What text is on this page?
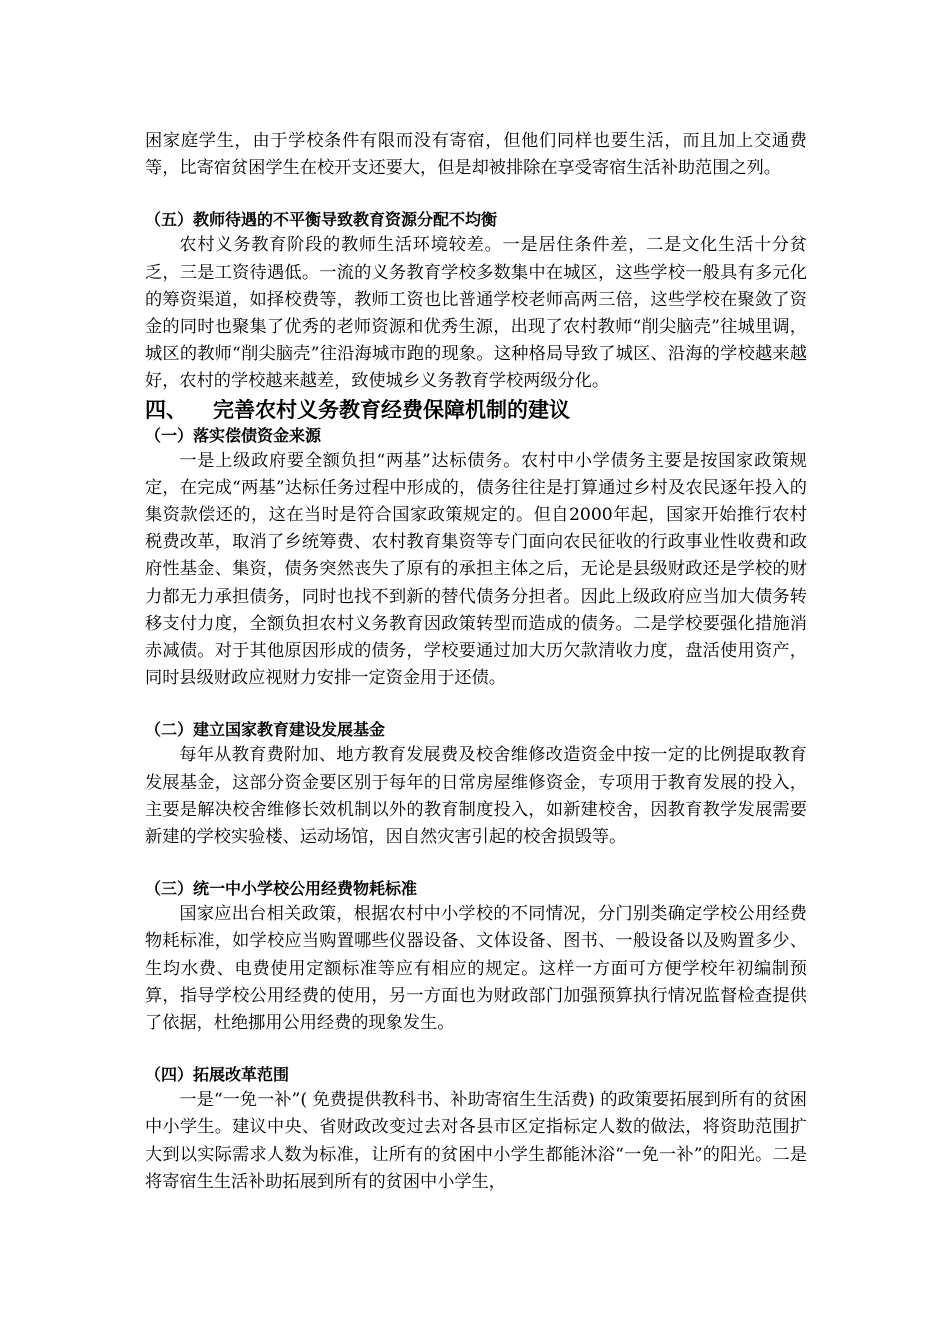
困家庭学生，由于学校条件有限而没有寄宿，但他们同样也要生活，而且加上交通费等，比寄宿贫困学生在校开支还要大，但是却被排除在享受寄宿生活补助范围之列。

（五）教师待遇的不平衡导致教育资源分配不均衡

农村义务教育阶段的教师生活环境较差。一是居住条件差，二是文化生活十分贫乏，三是工资待遇低。一流的义务教育学校多数集中在城区，这些学校一般具有多元化的筹资渠道，如择校费等，教师工资也比普通学校老师高两三倍，这些学校在聚敛了资金的同时也聚集了优秀的老师资源和优秀生源，出现了农村教师“削尖脑壳”往城里调，城区的教师“削尖脑壳”往沿海城市跑的现象。这种格局导致了城区、沿海的学校越来越好，农村的学校越来越差，致使城乡义务教育学校两级分化。

四、 完善农村义务教育经费保障机制的建议

（一）落实偿债资金来源

一是上级政府要全额负担“两基”达标债务。农村中小学债务主要是按国家政策规定，在完成“两基”达标任务过程中形成的，债务往往是打算通过乡村及农民逐年投入的集资款偿还的，这在当时是符合国家政策规定的。但自2000年起，国家开始推行农村税费改革，取消了乡统筹费、农村教育集资等专门面向农民征收的行政事业性收费和政府性基金、集资，债务突然丧失了原有的承担主体之后，无论是县级财政还是学校的财力都无力承担债务，同时也找不到新的替代债务分担者。因此上级政府应当加大债务转移支付力度，全额负担农村义务教育因政策转型而造成的债务。二是学校要强化措施消赤减债。对于其他原因形成的债务，学校要通过加大历欠款清收力度，盘活使用资产，同时县级财政应视财力安排一定资金用于还债。

（二）建立国家教育建设发展基金

每年从教育费附加、地方教育发展费及校舍维修改造资金中按一定的比例提取教育发展基金，这部分资金要区别于每年的日常房屋维修资金，专项用于教育发展的投入，主要是解决校舍维修长效机制以外的教育制度投入，如新建校舍，因教育教学发展需要新建的学校实验楼、运动场馆，因自然灾害引起的校舍损毁等。

（三）统一中小学校公用经费物耗标准

国家应出台相关政策，根据农村中小学校的不同情况，分门别类确定学校公用经费物耗标准，如学校应当购置哪些仪器设备、文体设备、图书、一般设备以及购置多少、生均水费、电费使用定额标准等应有相应的规定。这样一方面可方便学校年初编制预算，指导学校公用经费的使用，另一方面也为财政部门加强预算执行情况监督检查提供了依据，杜绝挪用公用经费的现象发生。

（四）拓展改革范围

一是“一免一补”( 免费提供教科书、补助寄宿生生活费) 的政策要拓展到所有的贫困中小学生。建议中央、省财政改变过去对各县市区定指标定人数的做法，将资助范围扩大到以实际需求人数为标准，让所有的贫困中小学生都能沐浴“一免一补”的阳光。二是将寄宿生生活补助拓展到所有的贫困中小学生，
